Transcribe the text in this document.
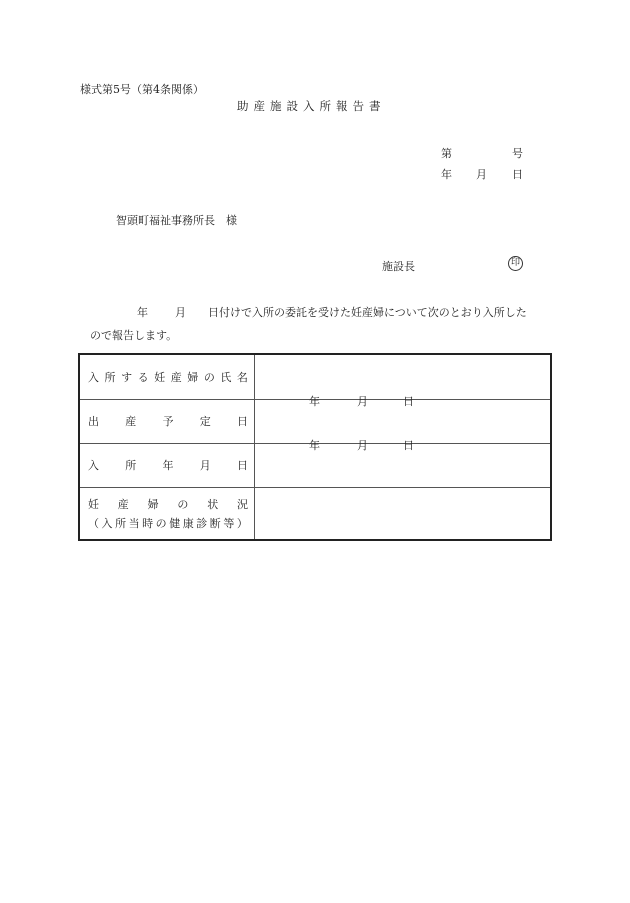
様式第5号（第4条関係）
助産施設入所報告書
第	号
年 月 日
智頭町福祉事務所長　様
施設長	印
年 月 日付けで入所の委託を受けた妊産婦について次のとおり入所した
ので報告します。
入 所 す る 妊 産 婦 の 氏 名

出 産 予 定 日	年 月 日

入 所 年 月 日	年 月 日

妊 産 婦 の 状 況
（ 入 所 当 時 の 健 康 診 断 等 ）
